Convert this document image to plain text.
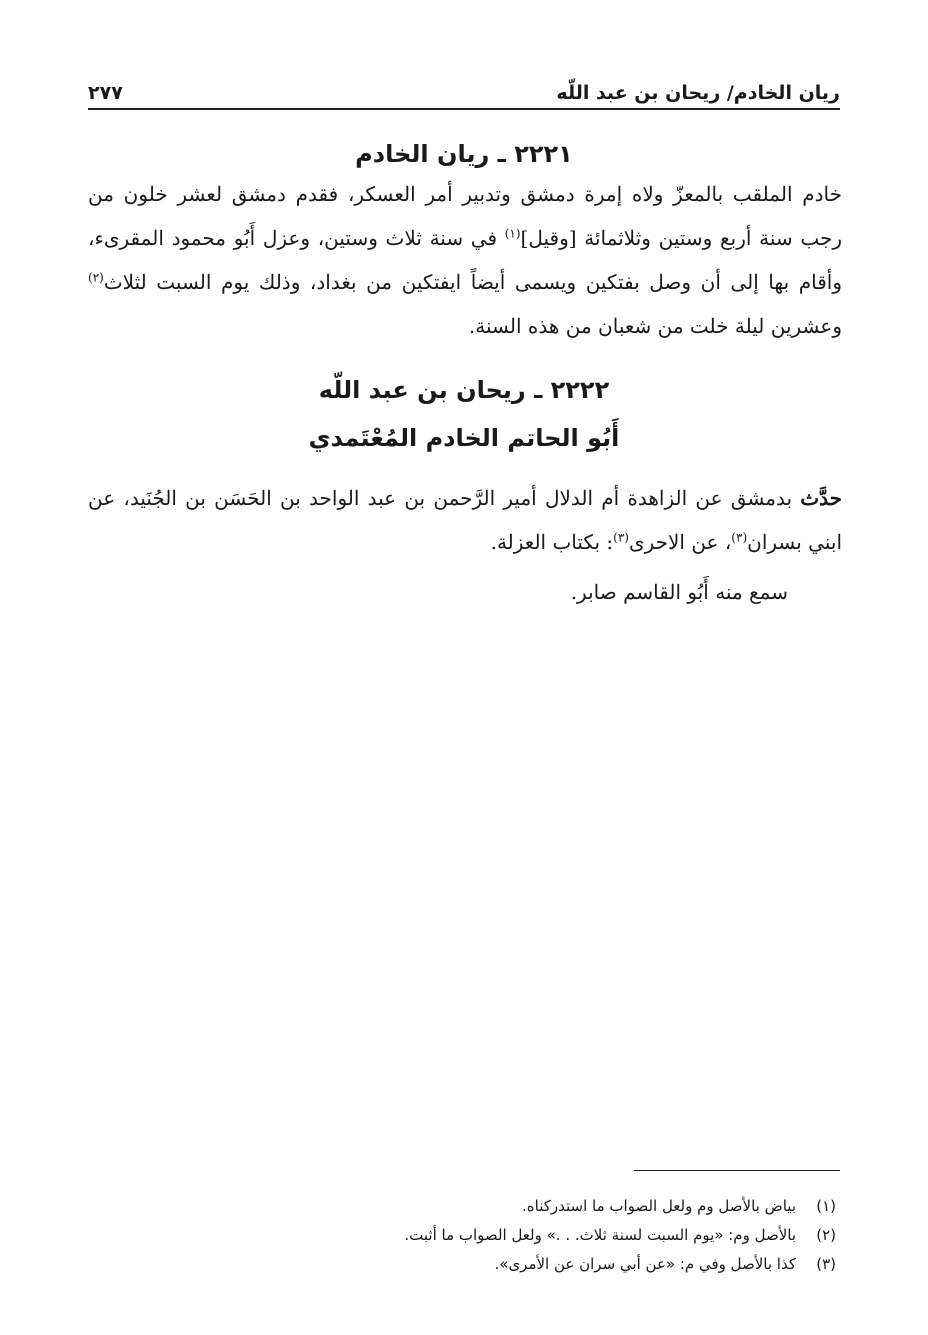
ريان الخادم/ ريحان بن عبد اللّه
٢٧٧
٢٢٢١ ـ ريان الخادم

خادم الملقب بالمعزّ ولاه إمرة دمشق وتدبير أمر العسكر، فقدم دمشق لعشر خلون من رجب سنة أربع وستين وثلاثمائة [وقيل]$^{(١)}$ في سنة ثلاث وستين، وعزل أَبُو محمود المقرىء، وأقام بها إلى أن وصل بفتكين ويسمى أيضاً ايفتكين من بغداد، وذلك يوم السبت لثلاث$^{(٢)}$ وعشرين ليلة خلت من شعبان من هذه السنة.

٢٢٢٢ ـ ريحان بن عبد اللّه
أَبُو الحاتم الخادم المُعْتَمدي

حدَّث بدمشق عن الزاهدة أم الدلال أمير الرَّحمن بن عبد الواحد بن الحَسَن بن الجُنَيد، عن ابني بسران$^{(٣)}$، عن الاحرى$^{(٣)}$: بكتاب العزلة.

سمع منه أَبُو القاسم صابر.
(١)بياض بالأصل وم ولعل الصواب ما استدركناه.
(٢)بالأصل وم: «يوم السبت لسنة ثلاث. . .» ولعل الصواب ما أثبت.
(٣)كذا بالأصل وفي م: «عن أبي سران عن الأمرى».
